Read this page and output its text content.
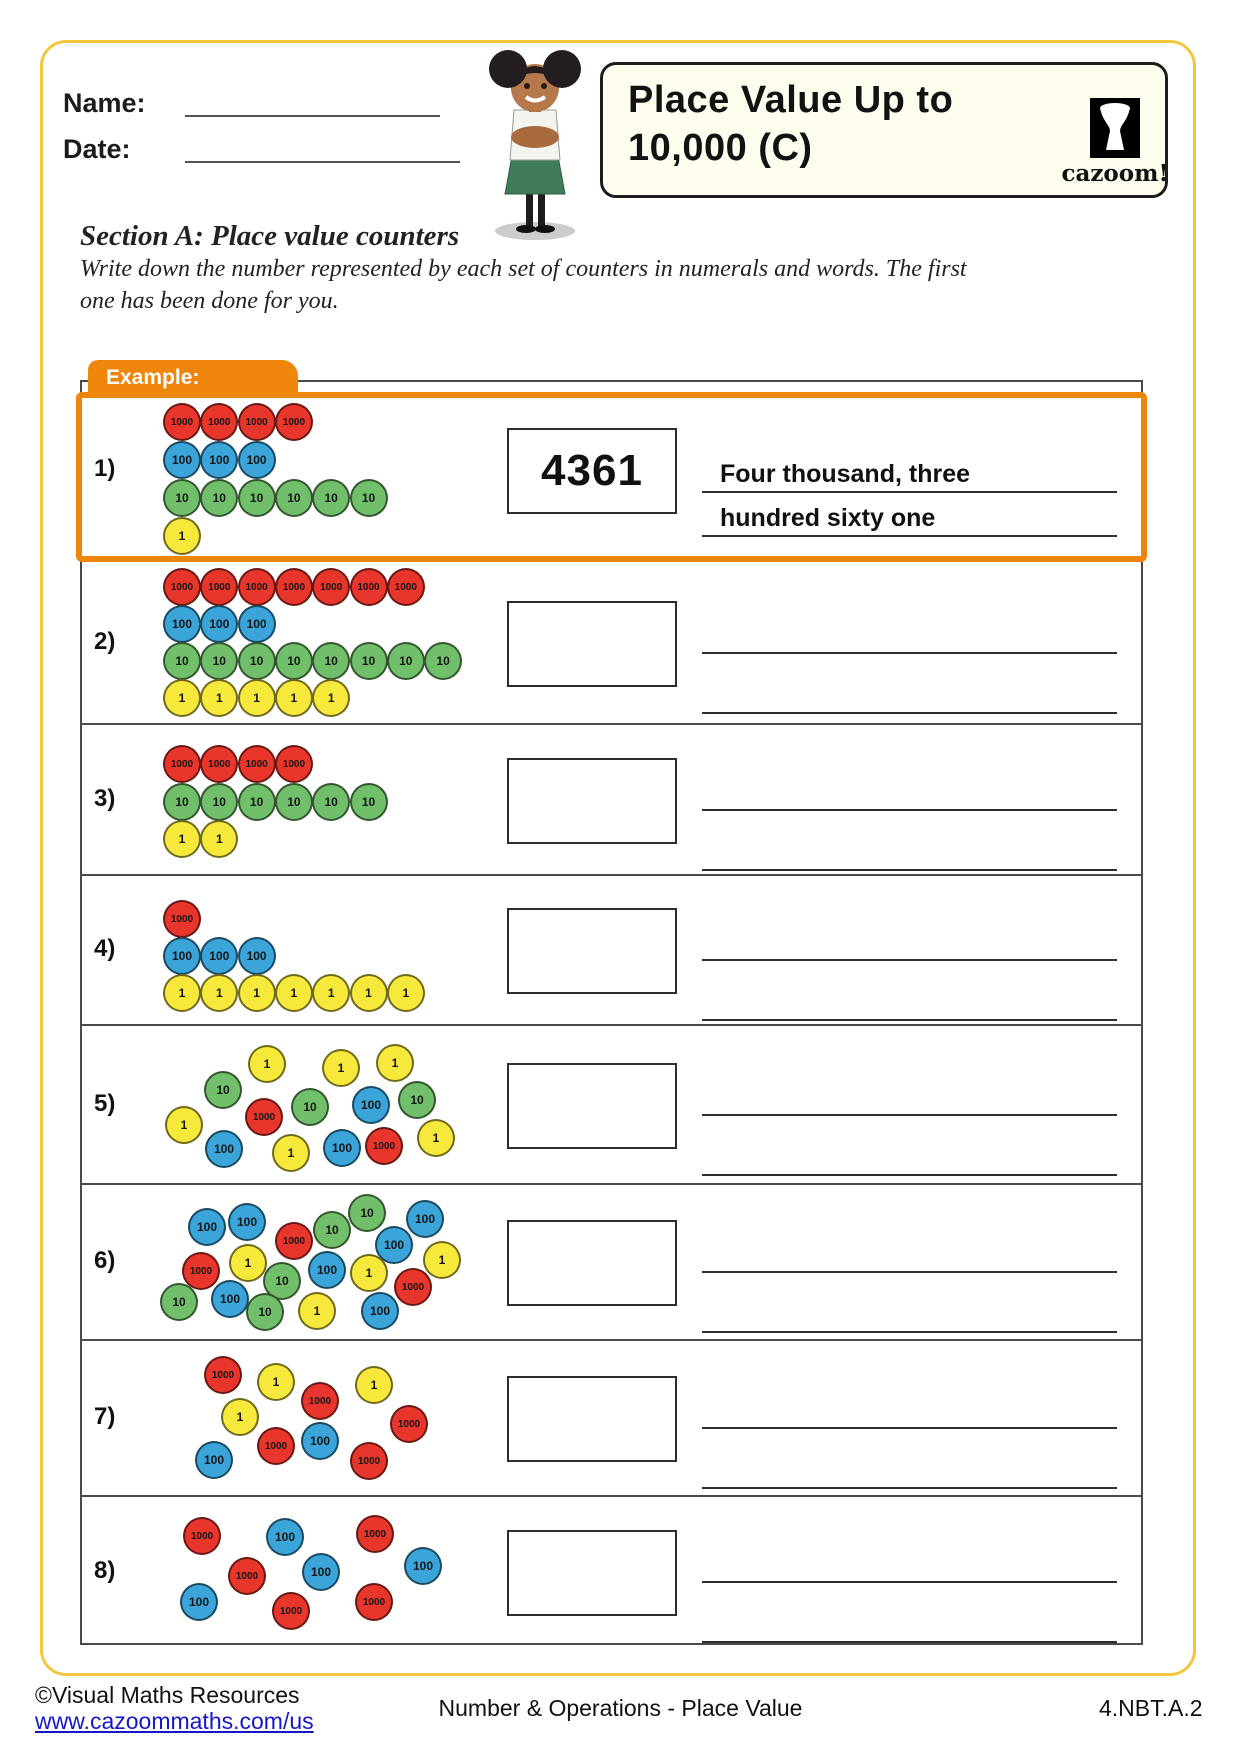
Name:
Date:
Place Value Up to
10,000 (C)
cazoom!
Section A: Place value counters
Write down the number represented by each set of counters in numerals and words. The first
one has been done for you.
1)
1000	1000	1000	1000
100	100	100
10	10	10	10	10	10
1
4361	Four thousand, three
hundred sixty one
2)
1000	1000	1000	1000	1000	1000	1000
100	100	100
10	10	10	10	10	10	10	10
1	1	1	1	1
3)
1000	1000	1000	1000
10	10	10	10	10	10
1	1
4)
1000
100	100	100
1	1	1	1	1	1	1
5)
1	1	1
10
10	100	10
1
1000
100	1	100	1000
1
6)
100	100
1000
10
10	100
100
1
1000
1
10
100	1
1000
10	100
10	1	100
7)
1000	1
1000
1
1	1000
100
1000	100
1000
8)
1000	100	1000
1000	100	100
100
1000
1000
Example:
©Visual Maths Resources
www.cazoommaths.com/us	Number & Operations - Place Value	4.NBT.A.2
